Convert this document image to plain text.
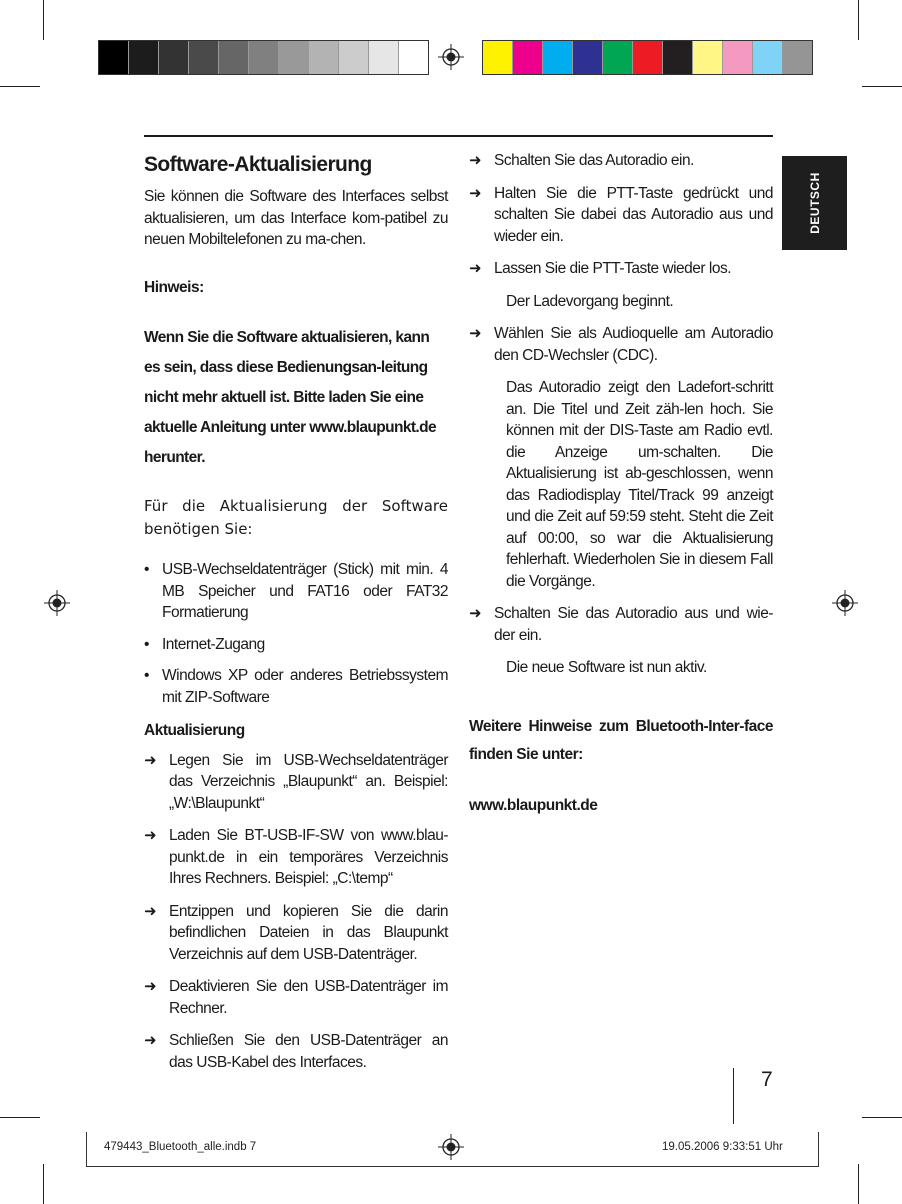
DEUTSCH
Software-Aktualisierung

Sie können die Software des Interfaces selbst aktualisieren, um das Interface kom-patibel zu neuen Mobiltelefonen zu ma-chen.

Hinweis:

Wenn Sie die Software aktualisieren, kann es sein, dass diese Bedienungsan-leitung nicht mehr aktuell ist. Bitte laden Sie eine aktuelle Anleitung unter www.blaupunkt.de herunter.

Für die Aktualisierung der Software benötigen Sie:

• USB-Wechseldatenträger (Stick) mit min. 4 MB Speicher und FAT16 oder FAT32 Formatierung
• Internet-Zugang
• Windows XP oder anderes Betriebssystem mit ZIP-Software
Aktualisierung
➜ Legen Sie im USB-Wechseldatenträger das Verzeichnis „Blaupunkt“ an. Beispiel: „W:\Blaupunkt“
➜ Laden Sie BT-USB-IF-SW von www.blau-punkt.de in ein temporäres Verzeichnis Ihres Rechners. Beispiel: „C:\temp“
➜ Entzippen und kopieren Sie die darin befindlichen Dateien in das Blaupunkt Verzeichnis auf dem USB-Datenträger.
➜ Deaktivieren Sie den USB-Datenträger im Rechner.
➜ Schließen Sie den USB-Datenträger an das USB-Kabel des Interfaces.
➜ Schalten Sie das Autoradio ein.
➜ Halten Sie die PTT-Taste gedrückt und schalten Sie dabei das Autoradio aus und wieder ein.
➜ Lassen Sie die PTT-Taste wieder los.

Der Ladevorgang beginnt.

➜ Wählen Sie als Audioquelle am Autoradio den CD-Wechsler (CDC).

Das Autoradio zeigt den Ladefort-schritt an. Die Titel und Zeit zäh-len hoch. Sie können mit der DIS-Taste am Radio evtl. die Anzeige um-schalten. Die Aktualisierung ist ab-geschlossen, wenn das Radiodisplay Titel/Track 99 anzeigt und die Zeit auf 59:59 steht. Steht die Zeit auf 00:00, so war die Aktualisierung fehlerhaft. Wiederholen Sie in diesem Fall die Vorgänge.

➜ Schalten Sie das Autoradio aus und wie-der ein.

Die neue Software ist nun aktiv.

Weitere Hinweise zum Bluetooth-Inter-face finden Sie unter:

www.blaupunkt.de

7
479443_Bluetooth_alle.indb 7	19.05.2006 9:33:51 Uhr
